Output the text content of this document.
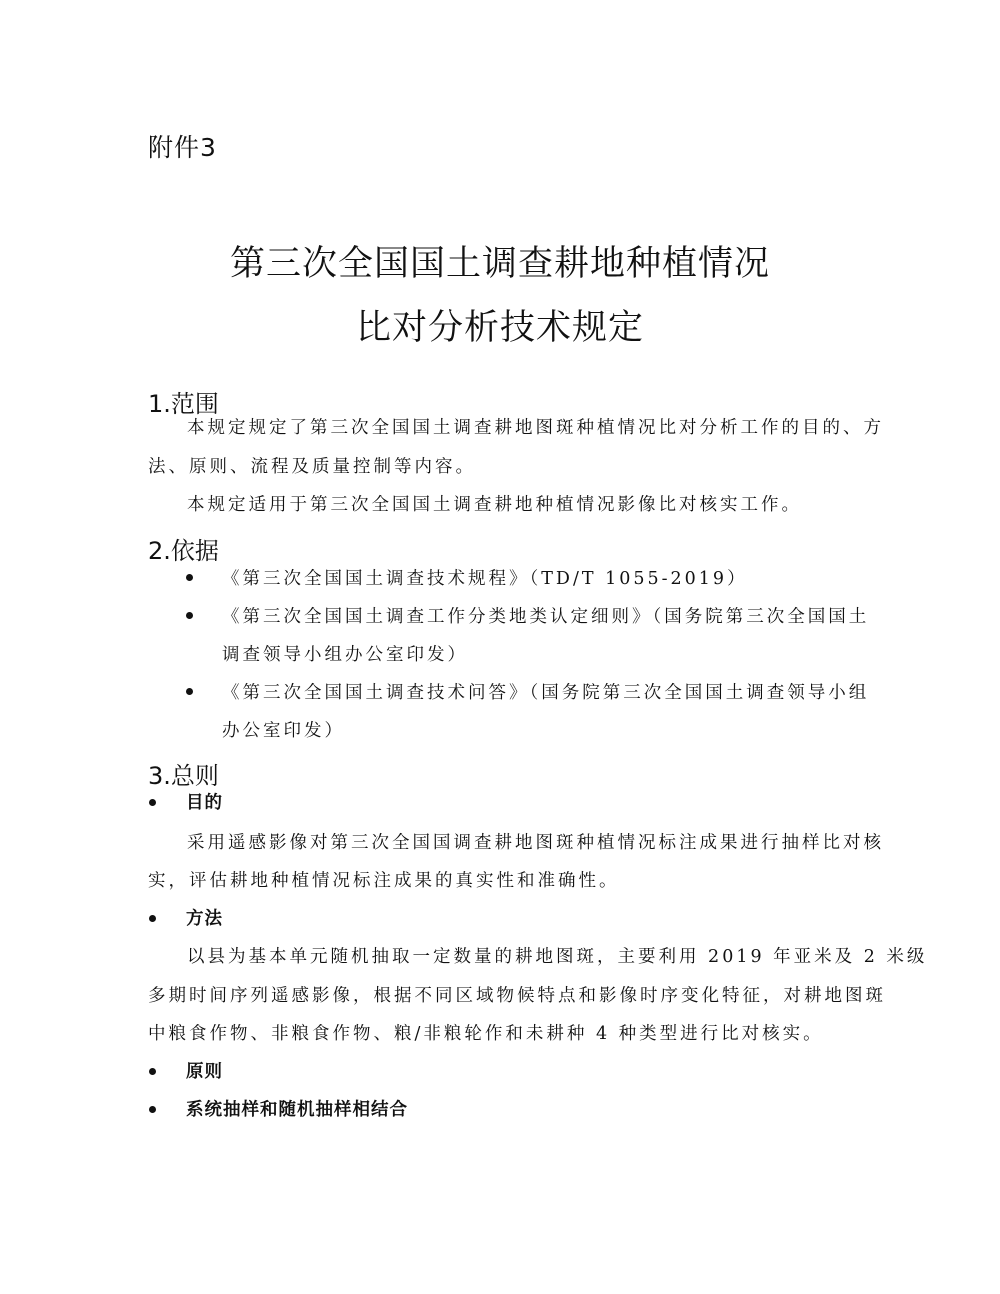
附件3
第三次全国国土调查耕地种植情况
比对分析技术规定
1.范围
本规定规定了第三次全国国土调查耕地图斑种植情况比对分析工作的目的、方
法、原则、流程及质量控制等内容。
本规定适用于第三次全国国土调查耕地种植情况影像比对核实工作。
2.依据
《第三次全国国土调查技术规程》（TD/T 1055-2019）
《第三次全国国土调查工作分类地类认定细则》（国务院第三次全国国土
调查领导小组办公室印发）
《第三次全国国土调查技术问答》（国务院第三次全国国土调查领导小组
办公室印发）
3.总则
目的
采用遥感影像对第三次全国国调查耕地图斑种植情况标注成果进行抽样比对核
实，评估耕地种植情况标注成果的真实性和准确性。
方法
以县为基本单元随机抽取一定数量的耕地图斑，主要利用 2019 年亚米及 2 米级
多期时间序列遥感影像，根据不同区域物候特点和影像时序变化特征，对耕地图斑
中粮食作物、非粮食作物、粮/非粮轮作和未耕种 4 种类型进行比对核实。
原则
系统抽样和随机抽样相结合
